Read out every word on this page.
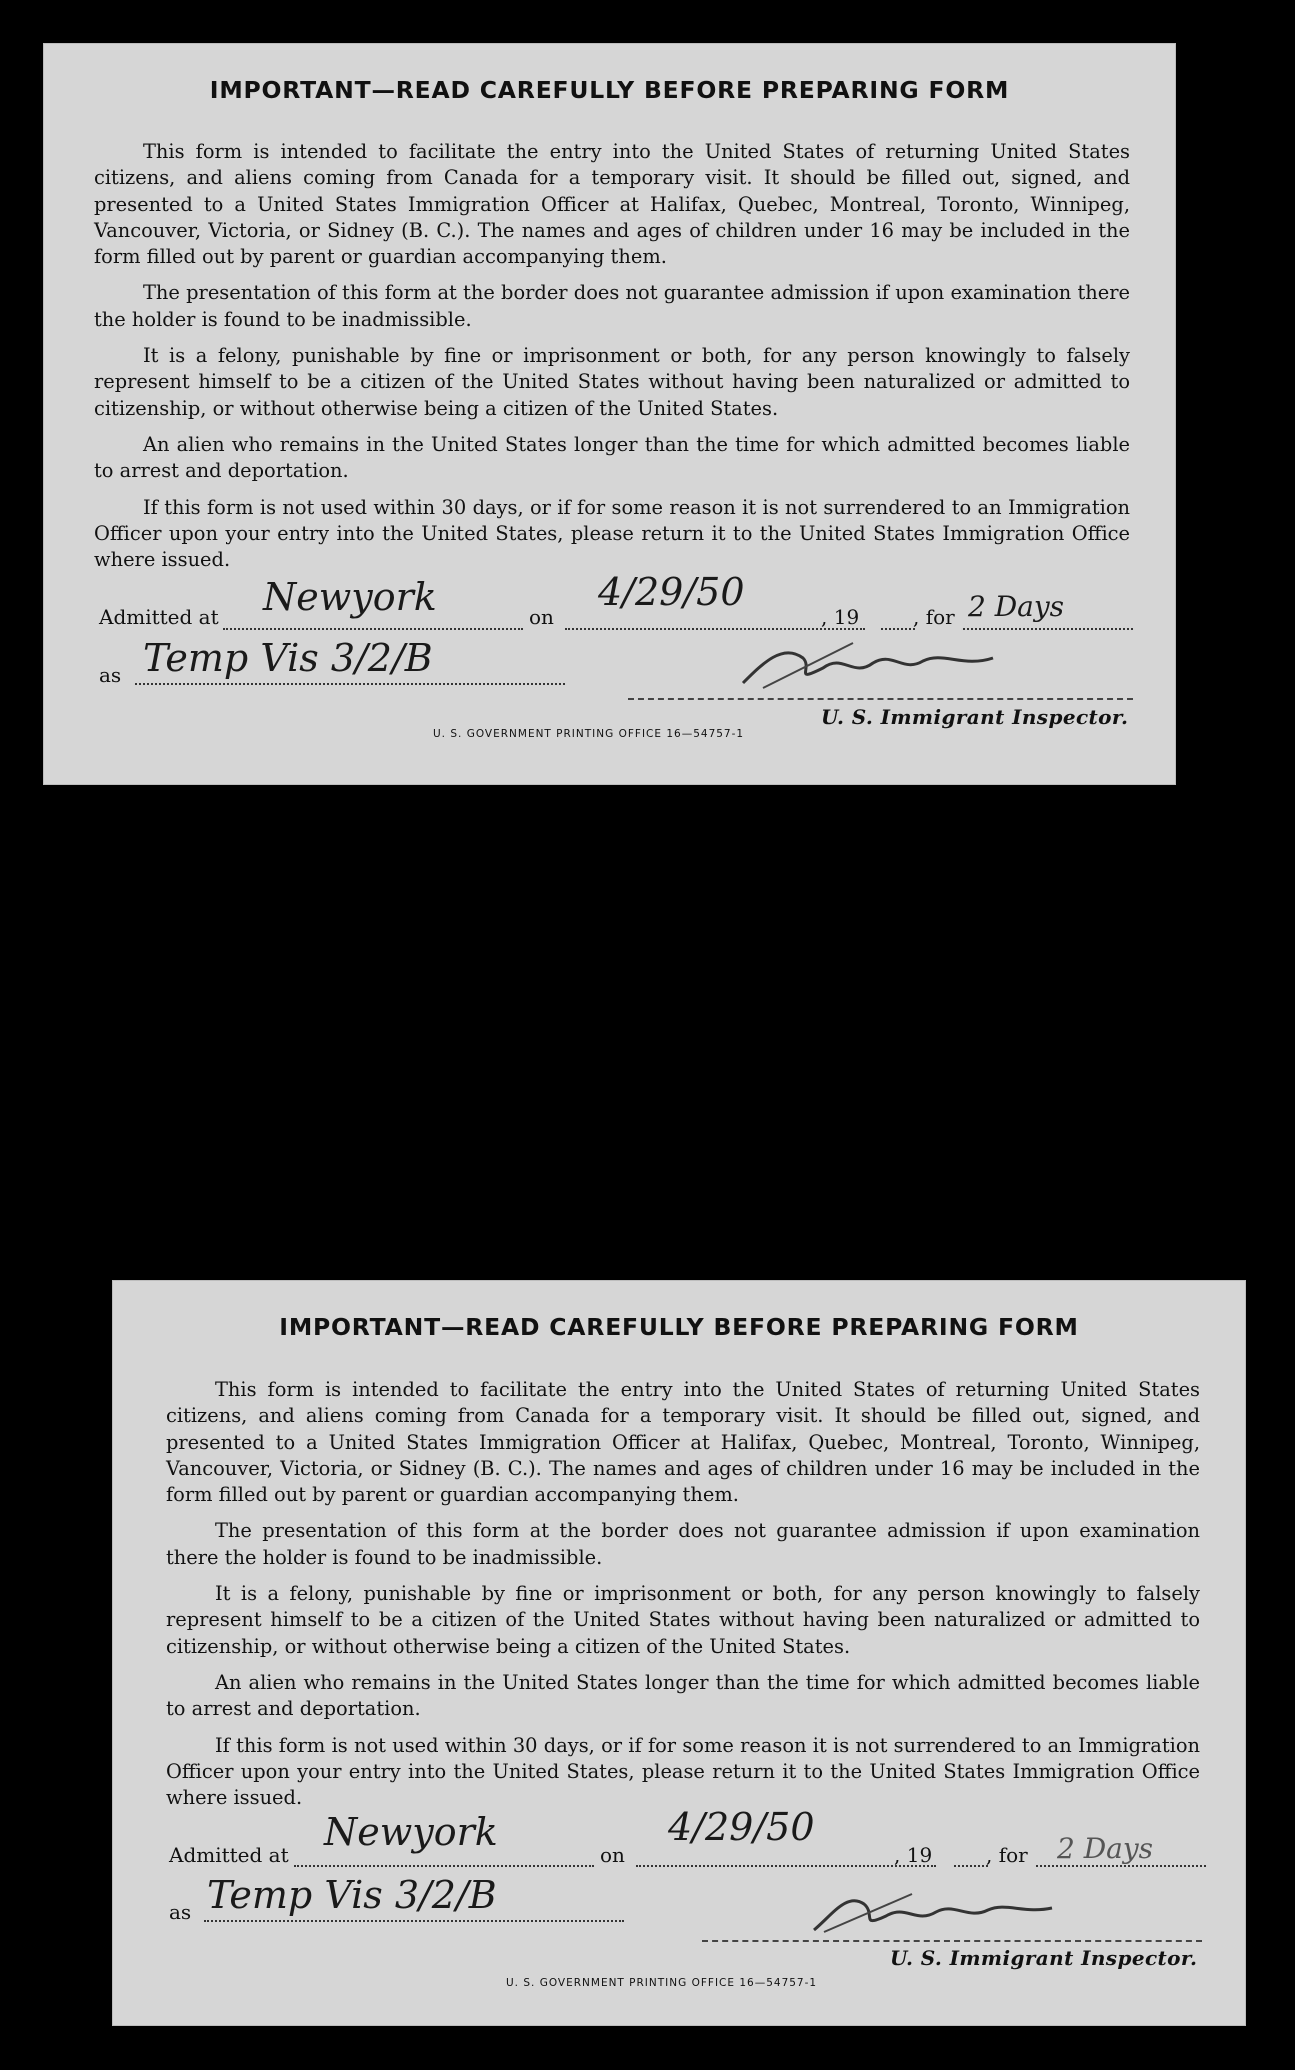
IMPORTANT—READ CAREFULLY BEFORE PREPARING FORM

This form is intended to facilitate the entry into the United States of returning United States citizens, and aliens coming from Canada for a temporary visit. It should be filled out, signed, and presented to a United States Immigration Officer at Halifax, Quebec, Montreal, Toronto, Winnipeg, Vancouver, Victoria, or Sidney (B. C.). The names and ages of children under 16 may be included in the form filled out by parent or guardian accompanying them.

The presentation of this form at the border does not guarantee admission if upon examination there the holder is found to be inadmissible.

It is a felony, punishable by fine or imprisonment or both, for any person knowingly to falsely represent himself to be a citizen of the United States without having been naturalized or admitted to citizenship, or without otherwise being a citizen of the United States.

An alien who remains in the United States longer than the time for which admitted becomes liable to arrest and deportation.

If this form is not used within 30 days, or if for some reason it is not surrendered to an Immigration Officer upon your entry into the United States, please return it to the United States Immigration Office where issued.

Admitted at Newyork	on
4/29/50
, 19	, for 2 Days
as Temp Vis 3/2/B
U. S. Immigrant Inspector.
U. S. GOVERNMENT PRINTING OFFICE 16—54757-1
IMPORTANT—READ CAREFULLY BEFORE PREPARING FORM

This form is intended to facilitate the entry into the United States of returning United States citizens, and aliens coming from Canada for a temporary visit. It should be filled out, signed, and presented to a United States Immigration Officer at Halifax, Quebec, Montreal, Toronto, Winnipeg, Vancouver, Victoria, or Sidney (B. C.). The names and ages of children under 16 may be included in the form filled out by parent or guardian accompanying them.

The presentation of this form at the border does not guarantee admission if upon examination there the holder is found to be inadmissible.

It is a felony, punishable by fine or imprisonment or both, for any person knowingly to falsely represent himself to be a citizen of the United States without having been naturalized or admitted to citizenship, or without otherwise being a citizen of the United States.

An alien who remains in the United States longer than the time for which admitted becomes liable to arrest and deportation.

If this form is not used within 30 days, or if for some reason it is not surrendered to an Immigration Officer upon your entry into the United States, please return it to the United States Immigration Office where issued.

Admitted at
Newyork
on
4/29/50
, 19	, for 2 Days
as Temp Vis 3/2/B
U. S. Immigrant Inspector.
U. S. GOVERNMENT PRINTING OFFICE 16—54757-1
